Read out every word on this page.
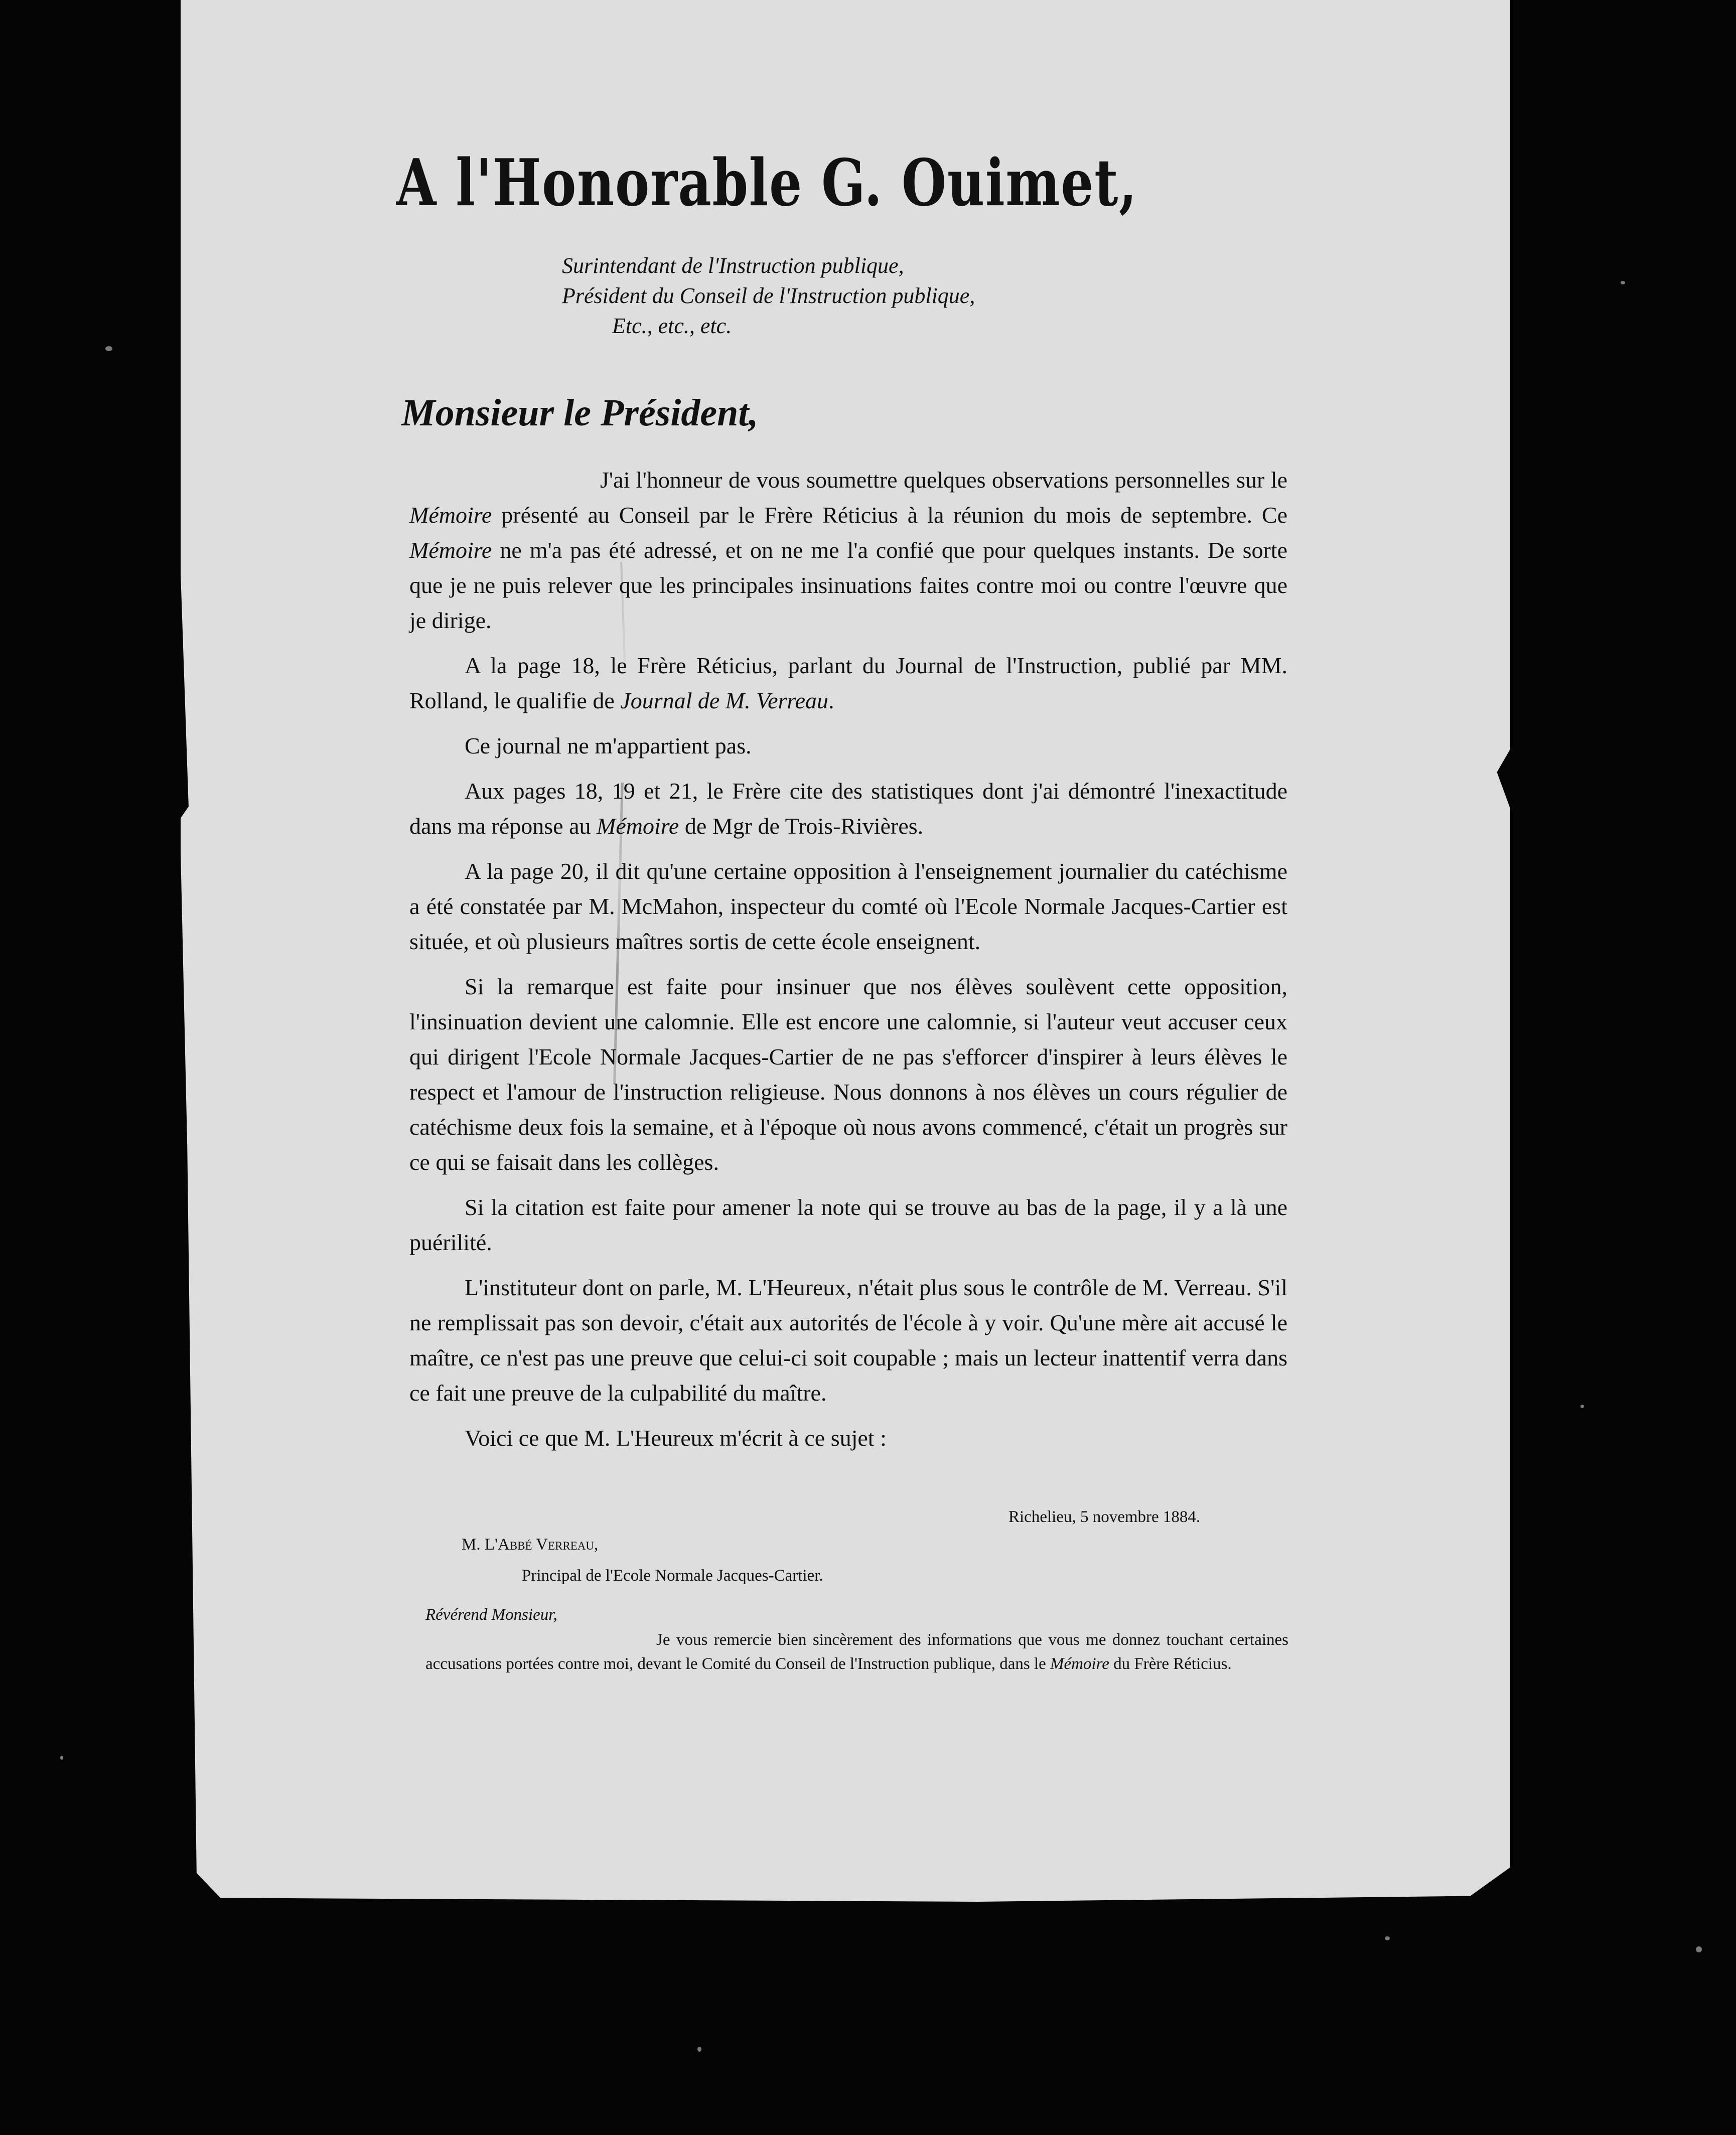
A l'Honorable G. Ouimet,
Surintendant de l'Instruction publique,
Président du Conseil de l'Instruction publique,
Etc., etc., etc.
Monsieur le Président,

J'ai l'honneur de vous soumettre quelques observations personnelles sur le Mémoire présenté au Conseil par le Frère Réticius à la réunion du mois de septembre. Ce Mémoire ne m'a pas été adressé, et on ne me l'a confié que pour quelques instants. De sorte que je ne puis relever que les principales insinuations faites contre moi ou contre l'œuvre que je dirige.

A la page 18, le Frère Réticius, parlant du Journal de l'Instruction, publié par MM. Rolland, le qualifie de Journal de M. Verreau.

Ce journal ne m'appartient pas.

Aux pages 18, 19 et 21, le Frère cite des statistiques dont j'ai démontré l'inexactitude dans ma réponse au Mémoire de Mgr de Trois-Rivières.

A la page 20, il dit qu'une certaine opposition à l'enseignement journalier du catéchisme a été constatée par M. McMahon, inspecteur du comté où l'Ecole Normale Jacques-Cartier est située, et où plusieurs maîtres sortis de cette école enseignent.

Si la remarque est faite pour insinuer que nos élèves soulèvent cette opposition, l'insinuation devient une calomnie. Elle est encore une calomnie, si l'auteur veut accuser ceux qui dirigent l'Ecole Normale Jacques-Cartier de ne pas s'efforcer d'inspirer à leurs élèves le respect et l'amour de l'instruction religieuse. Nous donnons à nos élèves un cours régulier de catéchisme deux fois la semaine, et à l'époque où nous avons commencé, c'était un progrès sur ce qui se faisait dans les collèges.

Si la citation est faite pour amener la note qui se trouve au bas de la page, il y a là une puérilité.

L'instituteur dont on parle, M. L'Heureux, n'était plus sous le contrôle de M. Verreau. S'il ne remplissait pas son devoir, c'était aux autorités de l'école à y voir. Qu'une mère ait accusé le maître, ce n'est pas une preuve que celui-ci soit coupable ; mais un lecteur inattentif verra dans ce fait une preuve de la culpabilité du maître.

Voici ce que M. L'Heureux m'écrit à ce sujet :

Richelieu, 5 novembre 1884.
M. L'Abbé Verreau,
Principal de l'Ecole Normale Jacques-Cartier.
Révérend Monsieur,
Je vous remercie bien sincèrement des informations que vous me donnez touchant certaines accusations portées contre moi, devant le Comité du Conseil de l'Instruction publique, dans le Mémoire du Frère Réticius.
